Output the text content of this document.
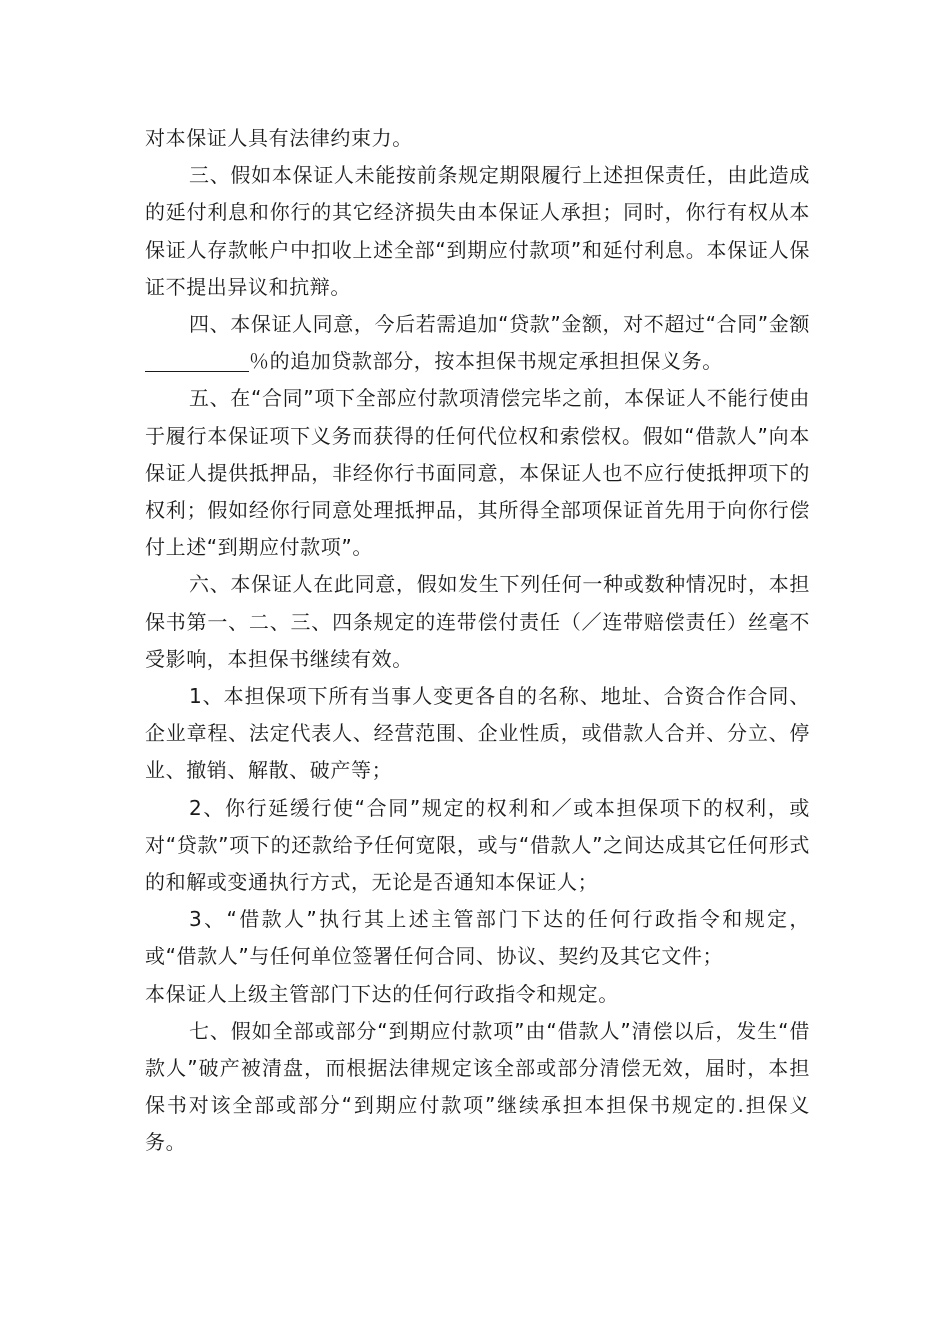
对本保证人具有法律约束力。

三、假如本保证人未能按前条规定期限履行上述担保责任，由此造成的延付利息和你行的其它经济损失由本保证人承担；同时，你行有权从本保证人存款帐户中扣收上述全部“到期应付款项”和延付利息。本保证人保证不提出异议和抗辩。

四、本保证人同意，今后若需追加“贷款”金额，对不超过“合同”金额％的追加贷款部分，按本担保书规定承担担保义务。

五、在“合同”项下全部应付款项清偿完毕之前，本保证人不能行使由于履行本保证项下义务而获得的任何代位权和索偿权。假如“借款人”向本保证人提供抵押品，非经你行书面同意，本保证人也不应行使抵押项下的权利；假如经你行同意处理抵押品，其所得全部项保证首先用于向你行偿付上述“到期应付款项”。

六、本保证人在此同意，假如发生下列任何一种或数种情况时，本担保书第一、二、三、四条规定的连带偿付责任（／连带赔偿责任）丝毫不受影响，本担保书继续有效。

1、本担保项下所有当事人变更各自的名称、地址、合资合作合同、企业章程、法定代表人、经营范围、企业性质，或借款人合并、分立、停业、撤销、解散、破产等；

2、你行延缓行使“合同”规定的权利和／或本担保项下的权利，或对“贷款”项下的还款给予任何宽限，或与“借款人”之间达成其它任何形式的和解或变通执行方式，无论是否通知本保证人；

3、“借款人”执行其上述主管部门下达的任何行政指令和规定，或“借款人”与任何单位签署任何合同、协议、契约及其它文件；

本保证人上级主管部门下达的任何行政指令和规定。

七、假如全部或部分“到期应付款项”由“借款人”清偿以后，发生“借款人”破产被清盘，而根据法律规定该全部或部分清偿无效，届时，本担保书对该全部或部分“到期应付款项”继续承担本担保书规定的.担保义务。
